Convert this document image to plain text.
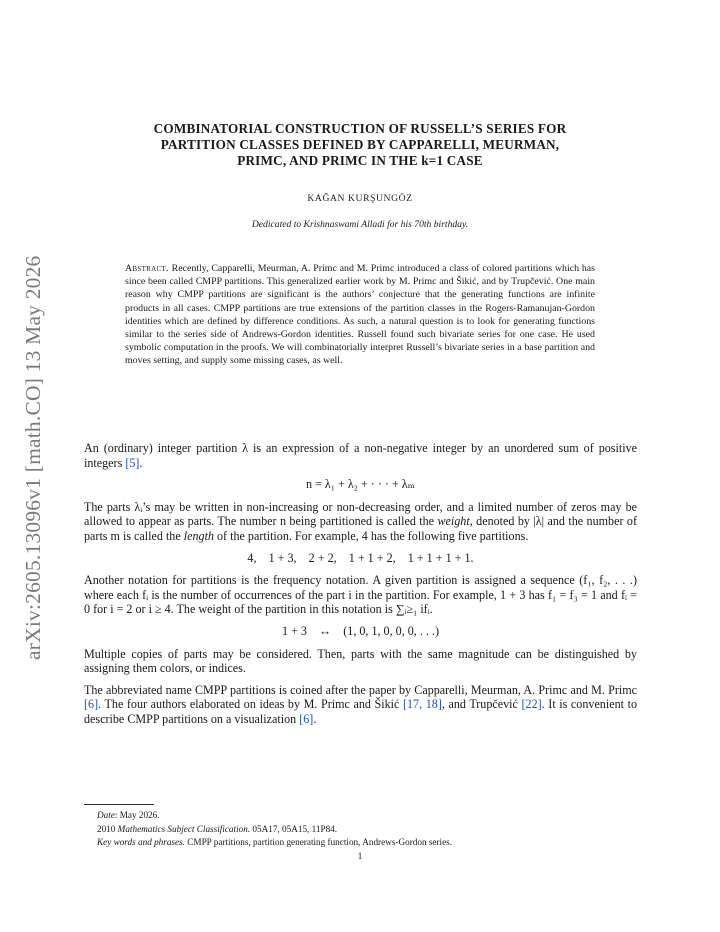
arXiv:2605.13096v1 [math.CO] 13 May 2026
COMBINATORIAL CONSTRUCTION OF RUSSELL’S SERIES FOR
PARTITION CLASSES DEFINED BY CAPPARELLI, MEURMAN,
PRIMC, AND PRIMC IN THE k=1 CASE
KAĞAN KURŞUNGÖZ
Dedicated to Krishnaswami Alladi for his 70th birthday.
Abstract. Recently, Capparelli, Meurman, A. Primc and M. Primc introduced a class of colored partitions which has since been called CMPP partitions. This generalized earlier work by M. Primc and Šikić, and by Trupčević. One main reason why CMPP partitions are significant is the authors’ conjecture that the generating functions are infinite products in all cases. CMPP partitions are true extensions of the partition classes in the Rogers-Ramanujan-Gordon identities which are defined by difference conditions. As such, a natural question is to look for generating functions similar to the series side of Andrews-Gordon identities. Russell found such bivariate series for one case. He used symbolic computation in the proofs. We will combinatorially interpret Russell’s bivariate series in a base partition and moves setting, and supply some missing cases, as well.

An (ordinary) integer partition λ is an expression of a non-negative integer by an unordered sum of positive integers [5].

n = λ₁ + λ₂ + · · · + λₘ

The parts λᵢ’s may be written in non-increasing or non-decreasing order, and a limited number of zeros may be allowed to appear as parts. The number n being partitioned is called the weight, denoted by |λ| and the number of parts m is called the length of the partition. For example, 4 has the following five partitions.

4,    1 + 3,    2 + 2,    1 + 1 + 2,    1 + 1 + 1 + 1.

Another notation for partitions is the frequency notation. A given partition is assigned a sequence (f₁, f₂, . . .) where each fᵢ is the number of occurrences of the part i in the partition. For example, 1 + 3 has f₁ = f₃ = 1 and fᵢ = 0 for i = 2 or i ≥ 4. The weight of the partition in this notation is ∑ᵢ≥₁ ifᵢ.

1 + 3    ↔    (1, 0, 1, 0, 0, 0, . . .)

Multiple copies of parts may be considered. Then, parts with the same magnitude can be distinguished by assigning them colors, or indices.

The abbreviated name CMPP partitions is coined after the paper by Capparelli, Meurman, A. Primc and M. Primc [6]. The four authors elaborated on ideas by M. Primc and Šikić [17, 18], and Trupčević [22]. It is convenient to describe CMPP partitions on a visualization [6].

Date: May 2026.
2010 Mathematics Subject Classification. 05A17, 05A15, 11P84.
Key words and phrases. CMPP partitions, partition generating function, Andrews-Gordon series.
1
